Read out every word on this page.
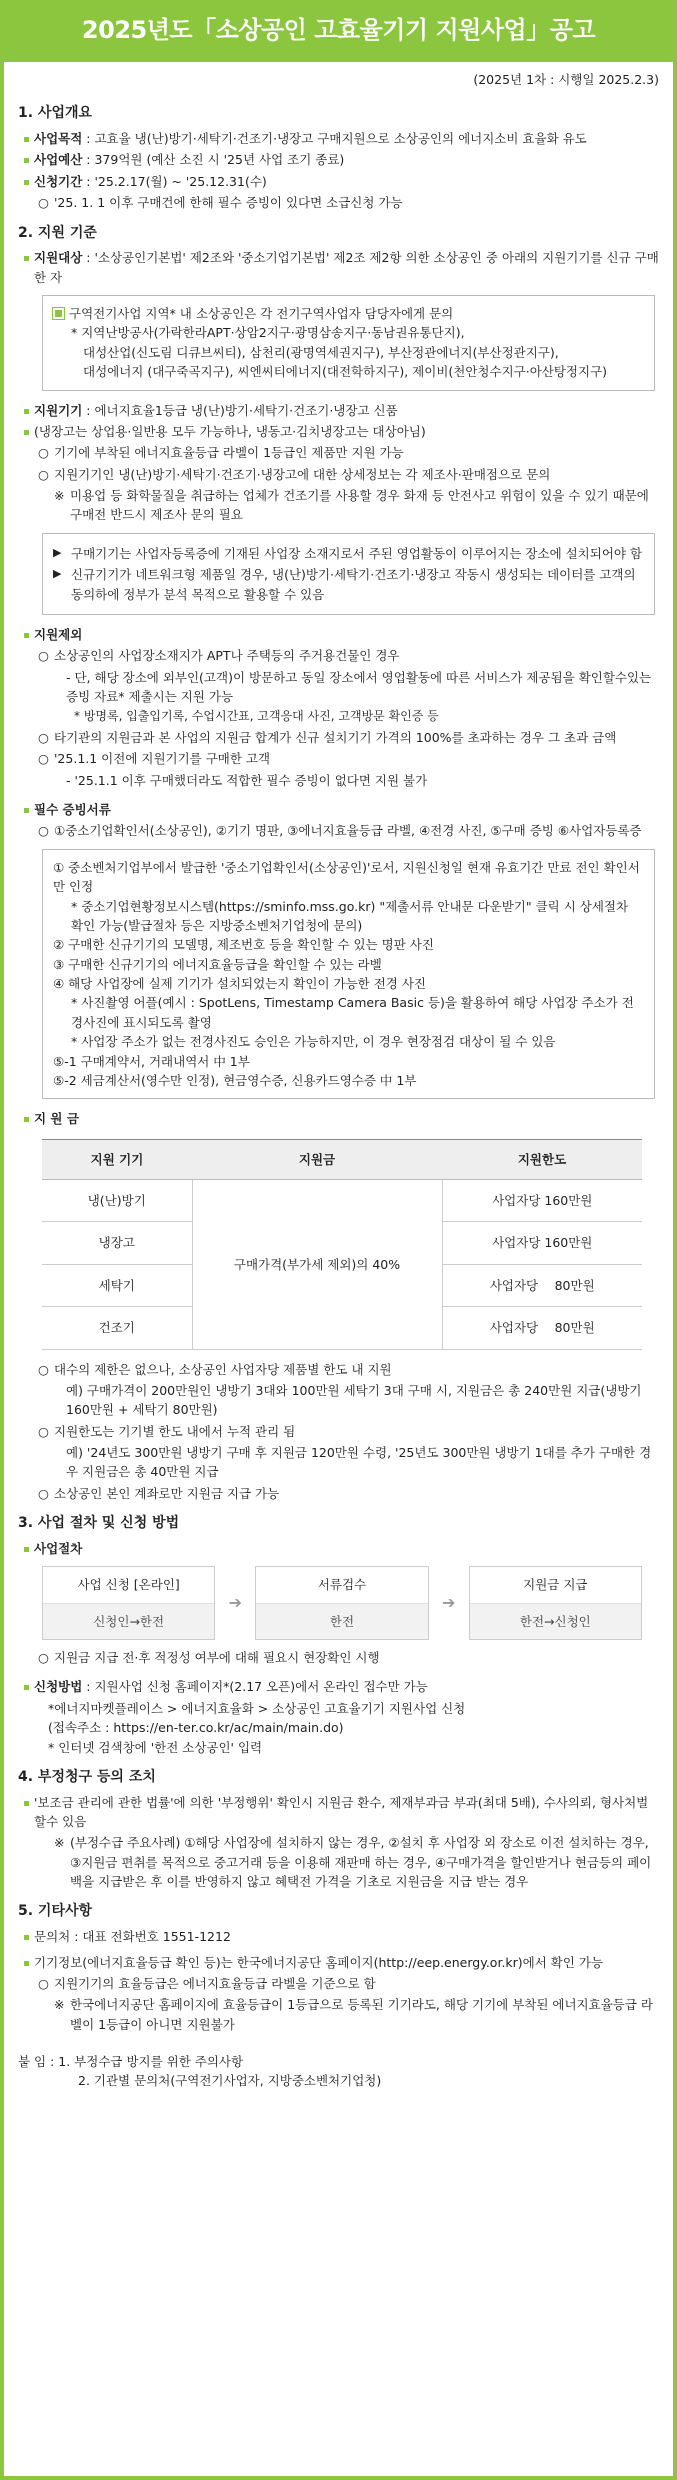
2025년도「소상공인 고효율기기 지원사업」공고
(2025년 1차 : 시행일 2025.2.3)
1. 사업개요
사업목적 : 고효율 냉(난)방기·세탁기·건조기·냉장고 구매지원으로 소상공인의 에너지소비 효율화 유도
사업예산 : 379억원 (예산 소진 시 '25년 사업 조기 종료)
신청기간 : '25.2.17(월) ~ '25.12.31(수)
○ '25. 1. 1 이후 구매건에 한해 필수 증빙이 있다면 소급신청 가능
2. 지원 기준
지원대상 : '소상공인기본법' 제2조와 '중소기업기본법' 제2조 제2항 의한 소상공인 중 아래의 지원기기를 신규 구매한 자
구역전기사업 지역* 내 소상공인은 각 전기구역사업자 담당자에게 문의
* 지역난방공사(가락한라APT·상암2지구·광명삼송지구·동남권유통단지),
대성산업(신도림 디큐브씨티), 삼천리(광명역세권지구), 부산정관에너지(부산정관지구),
대성에너지 (대구죽곡지구), 씨엔씨티에너지(대전학하지구), 제이비(천안청수지구·아산탕정지구)
지원기기 : 에너지효율1등급 냉(난)방기·세탁기·건조기·냉장고 신품
(냉장고는 상업용·일반용 모두 가능하나, 냉동고·김치냉장고는 대상아님)
○ 기기에 부착된 에너지효율등급 라벨이 1등급인 제품만 지원 가능
○ 지원기기인 냉(난)방기·세탁기·건조기·냉장고에 대한 상세정보는 각 제조사·판매점으로 문의
※ 미용업 등 화학물질을 취급하는 업체가 건조기를 사용할 경우 화재 등 안전사고 위험이 있을 수 있기 때문에 구매전 반드시 제조사 문의 필요
▶ 구매기기는 사업자등록증에 기재된 사업장 소재지로서 주된 영업활동이 이루어지는 장소에 설치되어야 함
▶ 신규기기가 네트워크형 제품일 경우, 냉(난)방기·세탁기·건조기·냉장고 작동시 생성되는 데이터를 고객의 동의하에 정부가 분석 목적으로 활용할 수 있음
지원제외
○ 소상공인의 사업장소재지가 APT나 주택등의 주거용건물인 경우
- 단, 해당 장소에 외부인(고객)이 방문하고 동일 장소에서 영업활동에 따른 서비스가 제공됨을 확인할수있는 증빙 자료* 제출시는 지원 가능
* 방명록, 입출입기록, 수업시간표, 고객응대 사진, 고객방문 확인증 등
○ 타기관의 지원금과 본 사업의 지원금 합계가 신규 설치기기 가격의 100%를 초과하는 경우 그 초과 금액
○ '25.1.1 이전에 지원기기를 구매한 고객
- '25.1.1 이후 구매했더라도 적합한 필수 증빙이 없다면 지원 불가
필수 증빙서류
○ ①중소기업확인서(소상공인), ②기기 명판, ③에너지효율등급 라벨, ④전경 사진, ⑤구매 증빙 ⑥사업자등록증
① 중소벤처기업부에서 발급한 '중소기업확인서(소상공인)'로서, 지원신청일 현재 유효기간 만료 전인 확인서만 인정
* 중소기업현황정보시스템(https://sminfo.mss.go.kr) "제출서류 안내문 다운받기" 클릭 시 상세절차 확인 가능(발급절차 등은 지방중소벤처기업청에 문의)
② 구매한 신규기기의 모델명, 제조번호 등을 확인할 수 있는 명판 사진
③ 구매한 신규기기의 에너지효율등급을 확인할 수 있는 라벨
④ 해당 사업장에 실제 기기가 설치되었는지 확인이 가능한 전경 사진
* 사진촬영 어플(예시 : SpotLens, Timestamp Camera Basic 등)을 활용하여 해당 사업장 주소가 전경사진에 표시되도록 촬영
* 사업장 주소가 없는 전경사진도 승인은 가능하지만, 이 경우 현장점검 대상이 될 수 있음
⑤-1 구매계약서, 거래내역서 中 1부
⑤-2 세금계산서(영수만 인정), 현금영수증, 신용카드영수증 中 1부
지 원 금
지원 기기	지원금	지원한도
냉(난)방기	구매가격(부가세 제외)의 40%	사업자당 160만원
냉장고		사업자당 160만원
세탁기		사업자당 　80만원
건조기		사업자당 　80만원
○ 대수의 제한은 없으나, 소상공인 사업자당 제품별 한도 내 지원
예) 구매가격이 200만원인 냉방기 3대와 100만원 세탁기 3대 구매 시, 지원금은 총 240만원 지급(냉방기 160만원 + 세탁기 80만원)
○ 지원한도는 기기별 한도 내에서 누적 관리 됨
예) '24년도 300만원 냉방기 구매 후 지원금 120만원 수령, '25년도 300만원 냉방기 1대를 추가 구매한 경우 지원금은 총 40만원 지급
○ 소상공인 본인 계좌로만 지원금 지급 가능
3. 사업 절차 및 신청 방법
사업절차
사업 신청 [온라인]
신청인→한전
➔
서류검수
한전
➔
지원금 지급
한전→신청인
○ 지원금 지급 전·후 적정성 여부에 대해 필요시 현장확인 시행
신청방법 : 지원사업 신청 홈페이지*(2.17 오픈)에서 온라인 접수만 가능
*에너지마켓플레이스 > 에너지효율화 > 소상공인 고효율기기 지원사업 신청
(접속주소 : https://en-ter.co.kr/ac/main/main.do)
* 인터넷 검색창에 '한전 소상공인' 입력
4. 부정청구 등의 조치
'보조금 관리에 관한 법률'에 의한 '부정행위' 확인시 지원금 환수, 제재부과금 부과(최대 5배), 수사의뢰, 형사처벌 할수 있음
※ (부정수급 주요사례) ①해당 사업장에 설치하지 않는 경우, ②설치 후 사업장 외 장소로 이전 설치하는 경우, ③지원금 편취를 목적으로 중고거래 등을 이용해 재판매 하는 경우, ④구매가격을 할인받거나 현금등의 페이백을 지급받은 후 이를 반영하지 않고 혜택전 가격을 기초로 지원금을 지급 받는 경우
5. 기타사항
문의처 : 대표 전화번호 1551-1212
기기정보(에너지효율등급 확인 등)는 한국에너지공단 홈페이지(http://eep.energy.or.kr)에서 확인 가능
○ 지원기기의 효율등급은 에너지효율등급 라벨을 기준으로 함
※ 한국에너지공단 홈페이지에 효율등급이 1등급으로 등록된 기기라도, 해당 기기에 부착된 에너지효율등급 라벨이 1등급이 아니면 지원불가
붙 임 : 1. 부정수급 방지를 위한 주의사항
2. 기관별 문의처(구역전기사업자, 지방중소벤처기업청)
